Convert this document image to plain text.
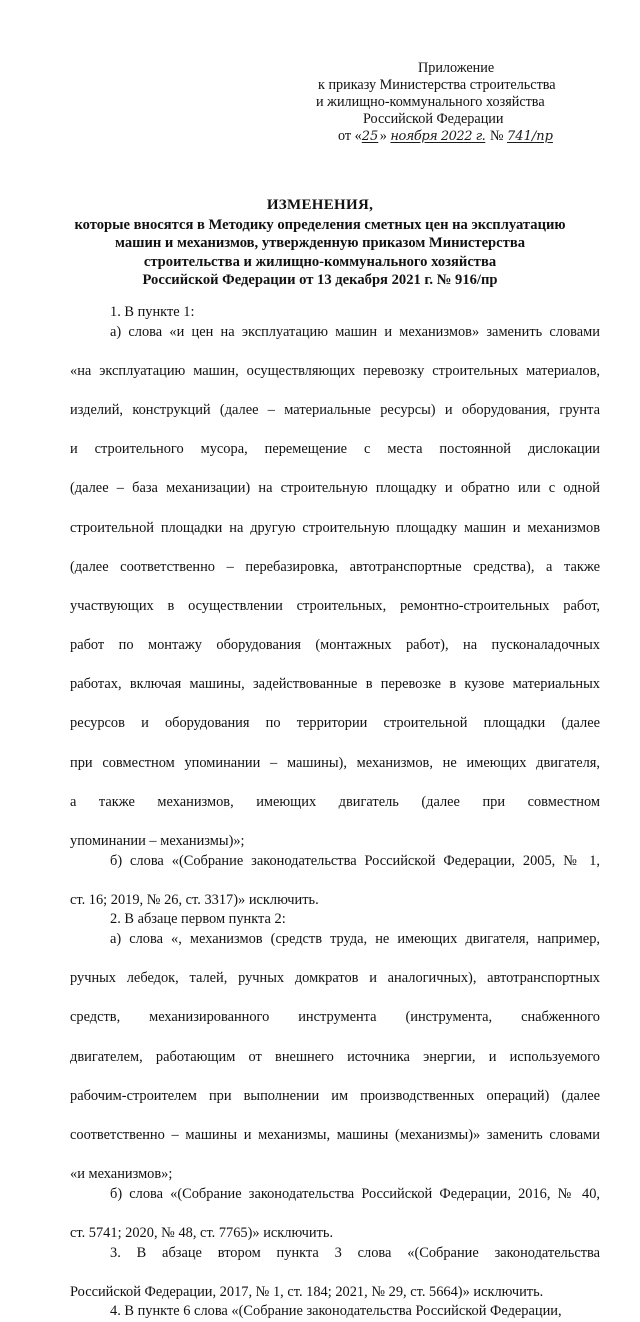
Приложение
к приказу Министерства строительства
и жилищно-коммунального хозяйства
Российской Федерации
от «25» ноября 2022 г. № 741/пр
ИЗМЕНЕНИЯ,
которые вносятся в Методику определения сметных цен на эксплуатацию
машин и механизмов, утвержденную приказом Министерства
строительства и жилищно-коммунального хозяйства
Российской Федерации от 13 декабря 2021 г. № 916/пр
1. В пункте 1:
а) слова «и цен на эксплуатацию машин и механизмов» заменить словами
«на эксплуатацию машин, осуществляющих перевозку строительных материалов,
изделий, конструкций (далее – материальные ресурсы) и оборудования, грунта
и строительного мусора, перемещение с места постоянной дислокации
(далее – база механизации) на строительную площадку и обратно или с одной
строительной площадки на другую строительную площадку машин и механизмов
(далее соответственно – перебазировка, автотранспортные средства), а также
участвующих в осуществлении строительных, ремонтно-строительных работ,
работ по монтажу оборудования (монтажных работ), на пусконаладочных
работах, включая машины, задействованные в перевозке в кузове материальных
ресурсов и оборудования по территории строительной площадки (далее
при совместном упоминании – машины), механизмов, не имеющих двигателя,
а также механизмов, имеющих двигатель (далее при совместном
упоминании – механизмы)»;
б) слова «(Собрание законодательства Российской Федерации, 2005, № 1,
ст. 16; 2019, № 26, ст. 3317)» исключить.
2. В абзаце первом пункта 2:
а) слова «, механизмов (средств труда, не имеющих двигателя, например,
ручных лебедок, талей, ручных домкратов и аналогичных), автотранспортных
средств, механизированного инструмента (инструмента, снабженного
двигателем, работающим от внешнего источника энергии, и используемого
рабочим-строителем при выполнении им производственных операций) (далее
соответственно – машины и механизмы, машины (механизмы)» заменить словами
«и механизмов»;
б) слова «(Собрание законодательства Российской Федерации, 2016, № 40,
ст. 5741; 2020, № 48, ст. 7765)» исключить.
3. В абзаце втором пункта 3 слова «(Собрание законодательства
Российской Федерации, 2017, № 1, ст. 184; 2021, № 29, ст. 5664)» исключить.
4. В пункте 6 слова «(Собрание законодательства Российской Федерации,
